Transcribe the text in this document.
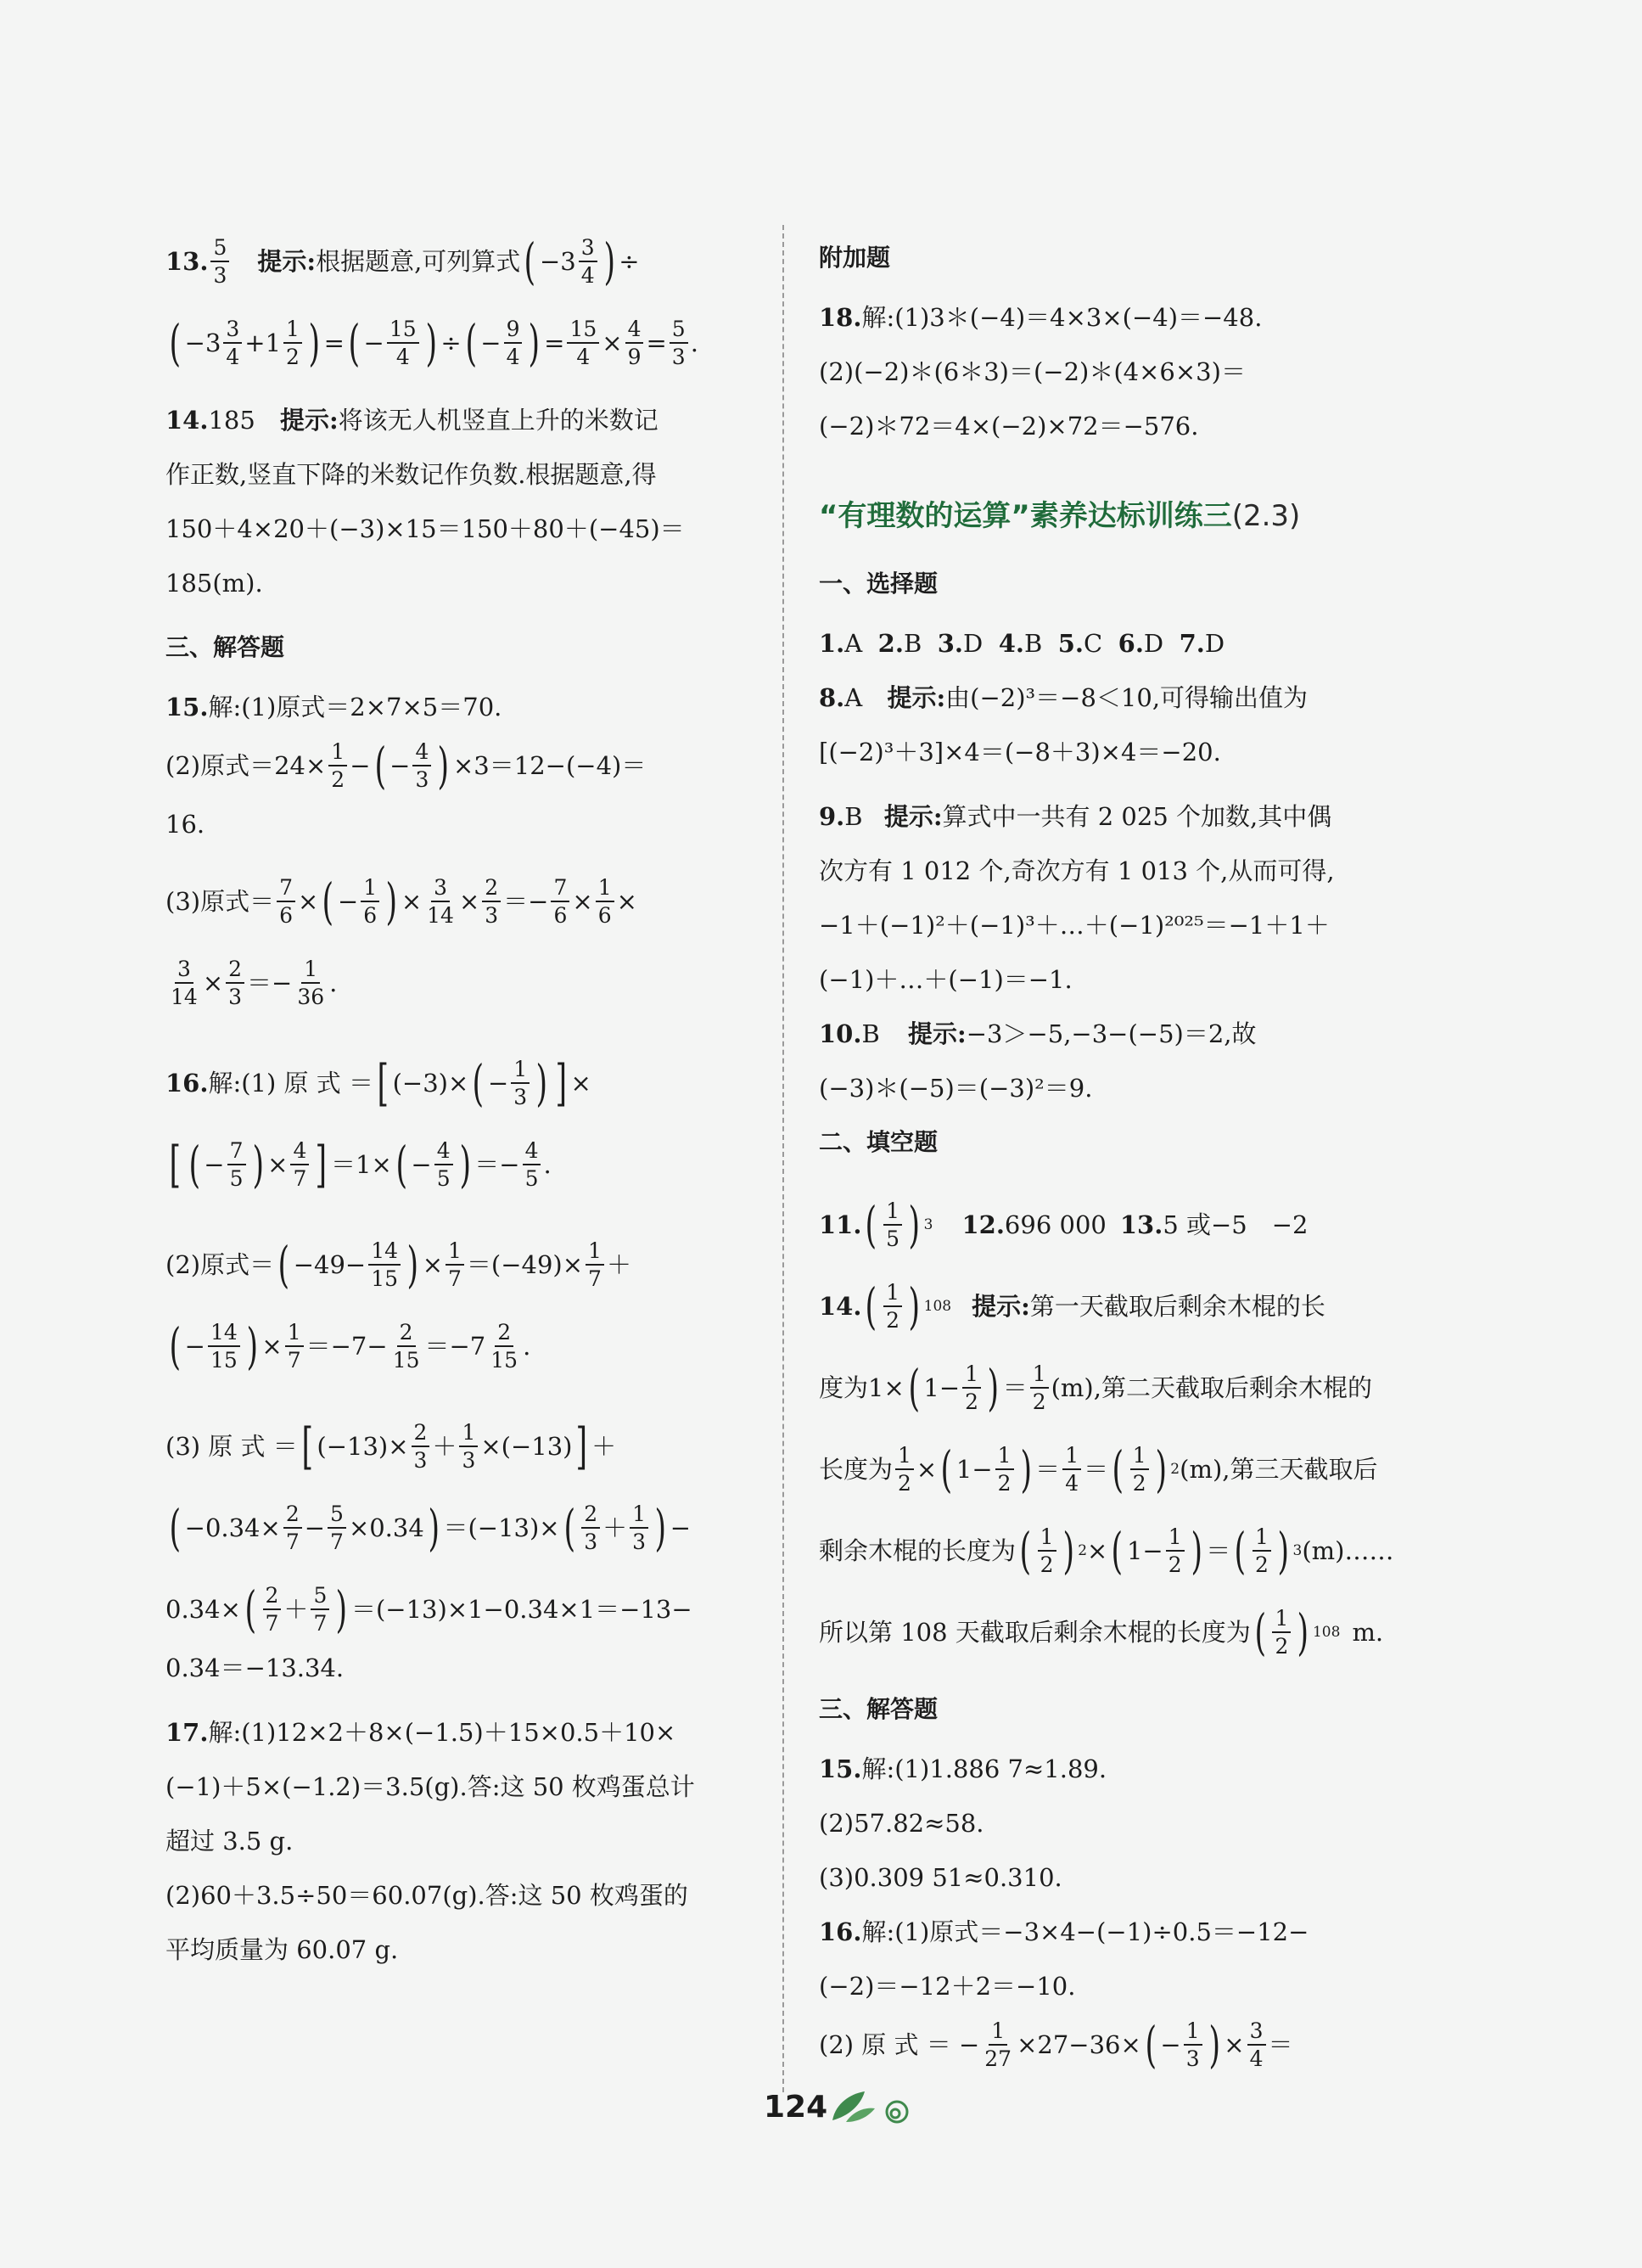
13. $\frac{5}{3}$ 提示: 根据题意,可列算式 ( $-3 \frac{3}{4}$ ) ÷
( $-3 \frac{3}{4} +1 \frac{1}{2}$ ) = ( − $\frac{15}{4}$ ) ÷ ( − $\frac{9}{4}$ ) = $\frac{15}{4} \times \frac{4}{9} = \frac{5}{3}$ .

14.185 提示:将该无人机竖直上升的米数记

作正数,竖直下降的米数记作负数.根据题意,得

150＋4×20＋(−3)×15＝150＋80＋(−45)＝

185(m).

三、解答题

15.解:(1)原式＝2×7×5＝70.

(2)原式$=24\times \frac{1}{2}$ − ( − $\frac{4}{3}$ ) ×3＝12−(−4)＝

16.

(3)原式＝ $\frac{7}{6}$ × ( − $\frac{1}{6}$ ) × $\frac{3}{14} \times \frac{2}{3} =- \frac{7}{6} \times \frac{1}{6}$ ×
$\frac{3}{14} \times \frac{2}{3} =- \frac{1}{36}$ .
16. 解:(1) 原 式 ＝ [ (−3)× ( − $\frac{1}{3}$ ) ] ×
[ ( − $\frac{7}{5}$ ) × $\frac{4}{7}$ ] ＝1× ( − $\frac{4}{5}$ ) ＝− $\frac{4}{5}$ .
(2)原式＝ ( $-49- \frac{14}{15}$ ) × $\frac{1}{7} =(-49)\times \frac{1}{7}$ ＋
( − $\frac{14}{15}$ ) × $\frac{1}{7} =-7- \frac{2}{15} =-7 \frac{2}{15}$ .
(3) 原 式 ＝ [ $(-13)\times \frac{2}{3} + \frac{1}{3} \times(-13)$ ] ＋
( $-0.34\times \frac{2}{7} - \frac{5}{7} \times 0.34$ ) ＝(−13)× ( $\frac{2}{3} + \frac{1}{3}$ ) −
0.34× ( $\frac{2}{7} + \frac{5}{7}$ ) ＝(−13)×1−0.34×1＝−13−

0.34＝−13.34.

17.解:(1)12×2＋8×(−1.5)＋15×0.5＋10×

(−1)＋5×(−1.2)＝3.5(g).答:这 50 枚鸡蛋总计

超过 3.5 g.

(2)60＋3.5÷50＝60.07(g).答:这 50 枚鸡蛋的

平均质量为 60.07 g.

附加题

18.解:(1)3＊(−4)＝4×3×(−4)＝−48.

(2)(−2)＊(6＊3)＝(−2)＊(4×6×3)＝

(−2)＊72＝4×(−2)×72＝−576.

“有理数的运算”素养达标训练三(2.3)

一、选择题

1.A 2.B 3.D 4.B 5.C 6.D 7.D

8.A 提示:由(−2)³＝−8＜10,可得输出值为

[(−2)³＋3]×4＝(−8＋3)×4＝−20.

9.B 提示:算式中一共有 2 025 个加数,其中偶

次方有 1 012 个,奇次方有 1 013 个,从而可得,

−1＋(−1)²＋(−1)³＋…＋(−1)²⁰²⁵＝−1＋1＋

(−1)＋…＋(−1)＝−1.

10.B 提示:−3＞−5,−3−(−5)＝2,故

(−3)＊(−5)＝(−3)²＝9.

二、填空题

11. ( $\frac{1}{5}$ ) 3 12. 696 000 13. 5 或−5　−2
14. ( $\frac{1}{2}$ ) 108 提示: 第一天截取后剩余木棍的长
度为1× ( $1- \frac{1}{2}$ ) ＝ $\frac{1}{2} (m)$,第二天截取后剩余木棍的
长度为 $\frac{1}{2}$ × ( $1- \frac{1}{2}$ ) ＝ $\frac{1}{4}$ ＝ ( $\frac{1}{2}$ ) 2 (m),第三天截取后
剩余木棍的长度为 ( $\frac{1}{2}$ ) 2 × ( $1- \frac{1}{2}$ ) ＝ ( $\frac{1}{2}$ ) 3 (m)……
所以第 108 天截取后剩余木棍的长度为 ( $\frac{1}{2}$ ) 108 m.

三、解答题

15.解:(1)1.886 7≈1.89.

(2)57.82≈58.

(3)0.309 51≈0.310.

16.解:(1)原式＝−3×4−(−1)÷0.5＝−12−

(−2)＝−12＋2＝−10.

(2) 原 式 ＝ − $\frac{1}{27} \times 27-36\times$ ( − $\frac{1}{3}$ ) × $\frac{3}{4}$ ＝
124
